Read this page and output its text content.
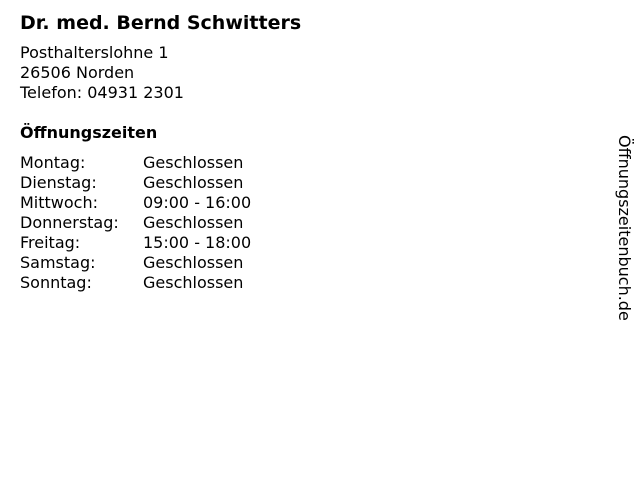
Dr. med. Bernd Schwitters
Posthalterslohne 1
26506 Norden
Telefon: 04931 2301
Öffnungszeiten
Montag:	Geschlossen
Dienstag:	Geschlossen
Mittwoch:	09:00 - 16:00
Donnerstag:	Geschlossen
Freitag:	15:00 - 18:00
Samstag:	Geschlossen
Sonntag:	Geschlossen	Öffnungszeitenbuch.de
